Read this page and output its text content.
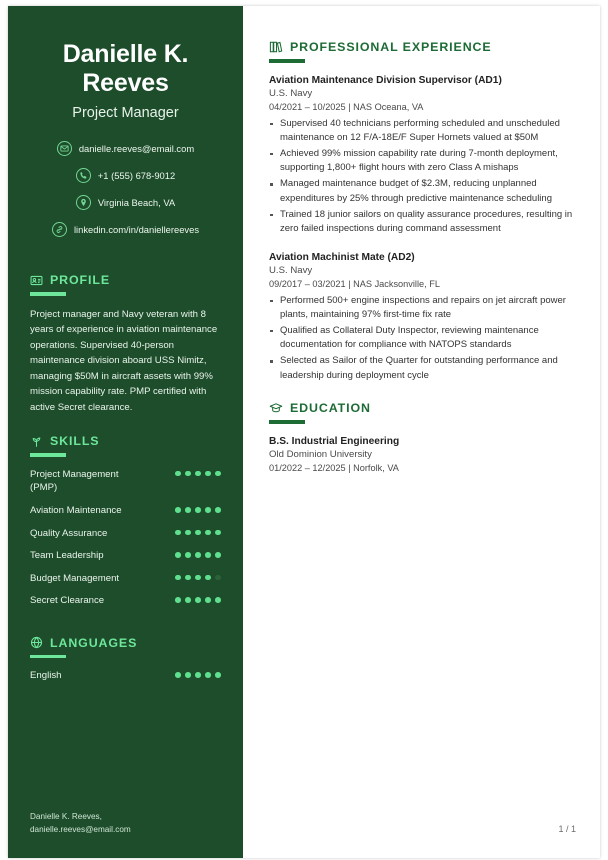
Danielle K. Reeves
Project Manager
danielle.reeves@email.com
+1 (555) 678-9012
Virginia Beach, VA
linkedin.com/in/daniellereeves
PROFILE

Project manager and Navy veteran with 8 years of experience in aviation maintenance operations. Supervised 40-person maintenance division aboard USS Nimitz, managing $50M in aircraft assets with 99% mission capability rate. PMP certified with active Secret clearance.

SKILLS
Project Management (PMP)
Aviation Maintenance
Quality Assurance
Team Leadership
Budget Management
Secret Clearance
LANGUAGES
English
Danielle K. Reeves,
danielle.reeves@email.com
PROFESSIONAL EXPERIENCE
Aviation Maintenance Division Supervisor (AD1)
U.S. Navy
04/2021 – 10/2025 | NAS Oceana, VA
Supervised 40 technicians performing scheduled and unscheduled maintenance on 12 F/A-18E/F Super Hornets valued at $50M
Achieved 99% mission capability rate during 7-month deployment, supporting 1,800+ flight hours with zero Class A mishaps
Managed maintenance budget of $2.3M, reducing unplanned expenditures by 25% through predictive maintenance scheduling
Trained 18 junior sailors on quality assurance procedures, resulting in zero failed inspections during command assessment
Aviation Machinist Mate (AD2)
U.S. Navy
09/2017 – 03/2021 | NAS Jacksonville, FL
Performed 500+ engine inspections and repairs on jet aircraft power plants, maintaining 97% first-time fix rate
Qualified as Collateral Duty Inspector, reviewing maintenance documentation for compliance with NATOPS standards
Selected as Sailor of the Quarter for outstanding performance and leadership during deployment cycle
EDUCATION
B.S. Industrial Engineering
Old Dominion University
01/2022 – 12/2025 | Norfolk, VA
1 / 1
